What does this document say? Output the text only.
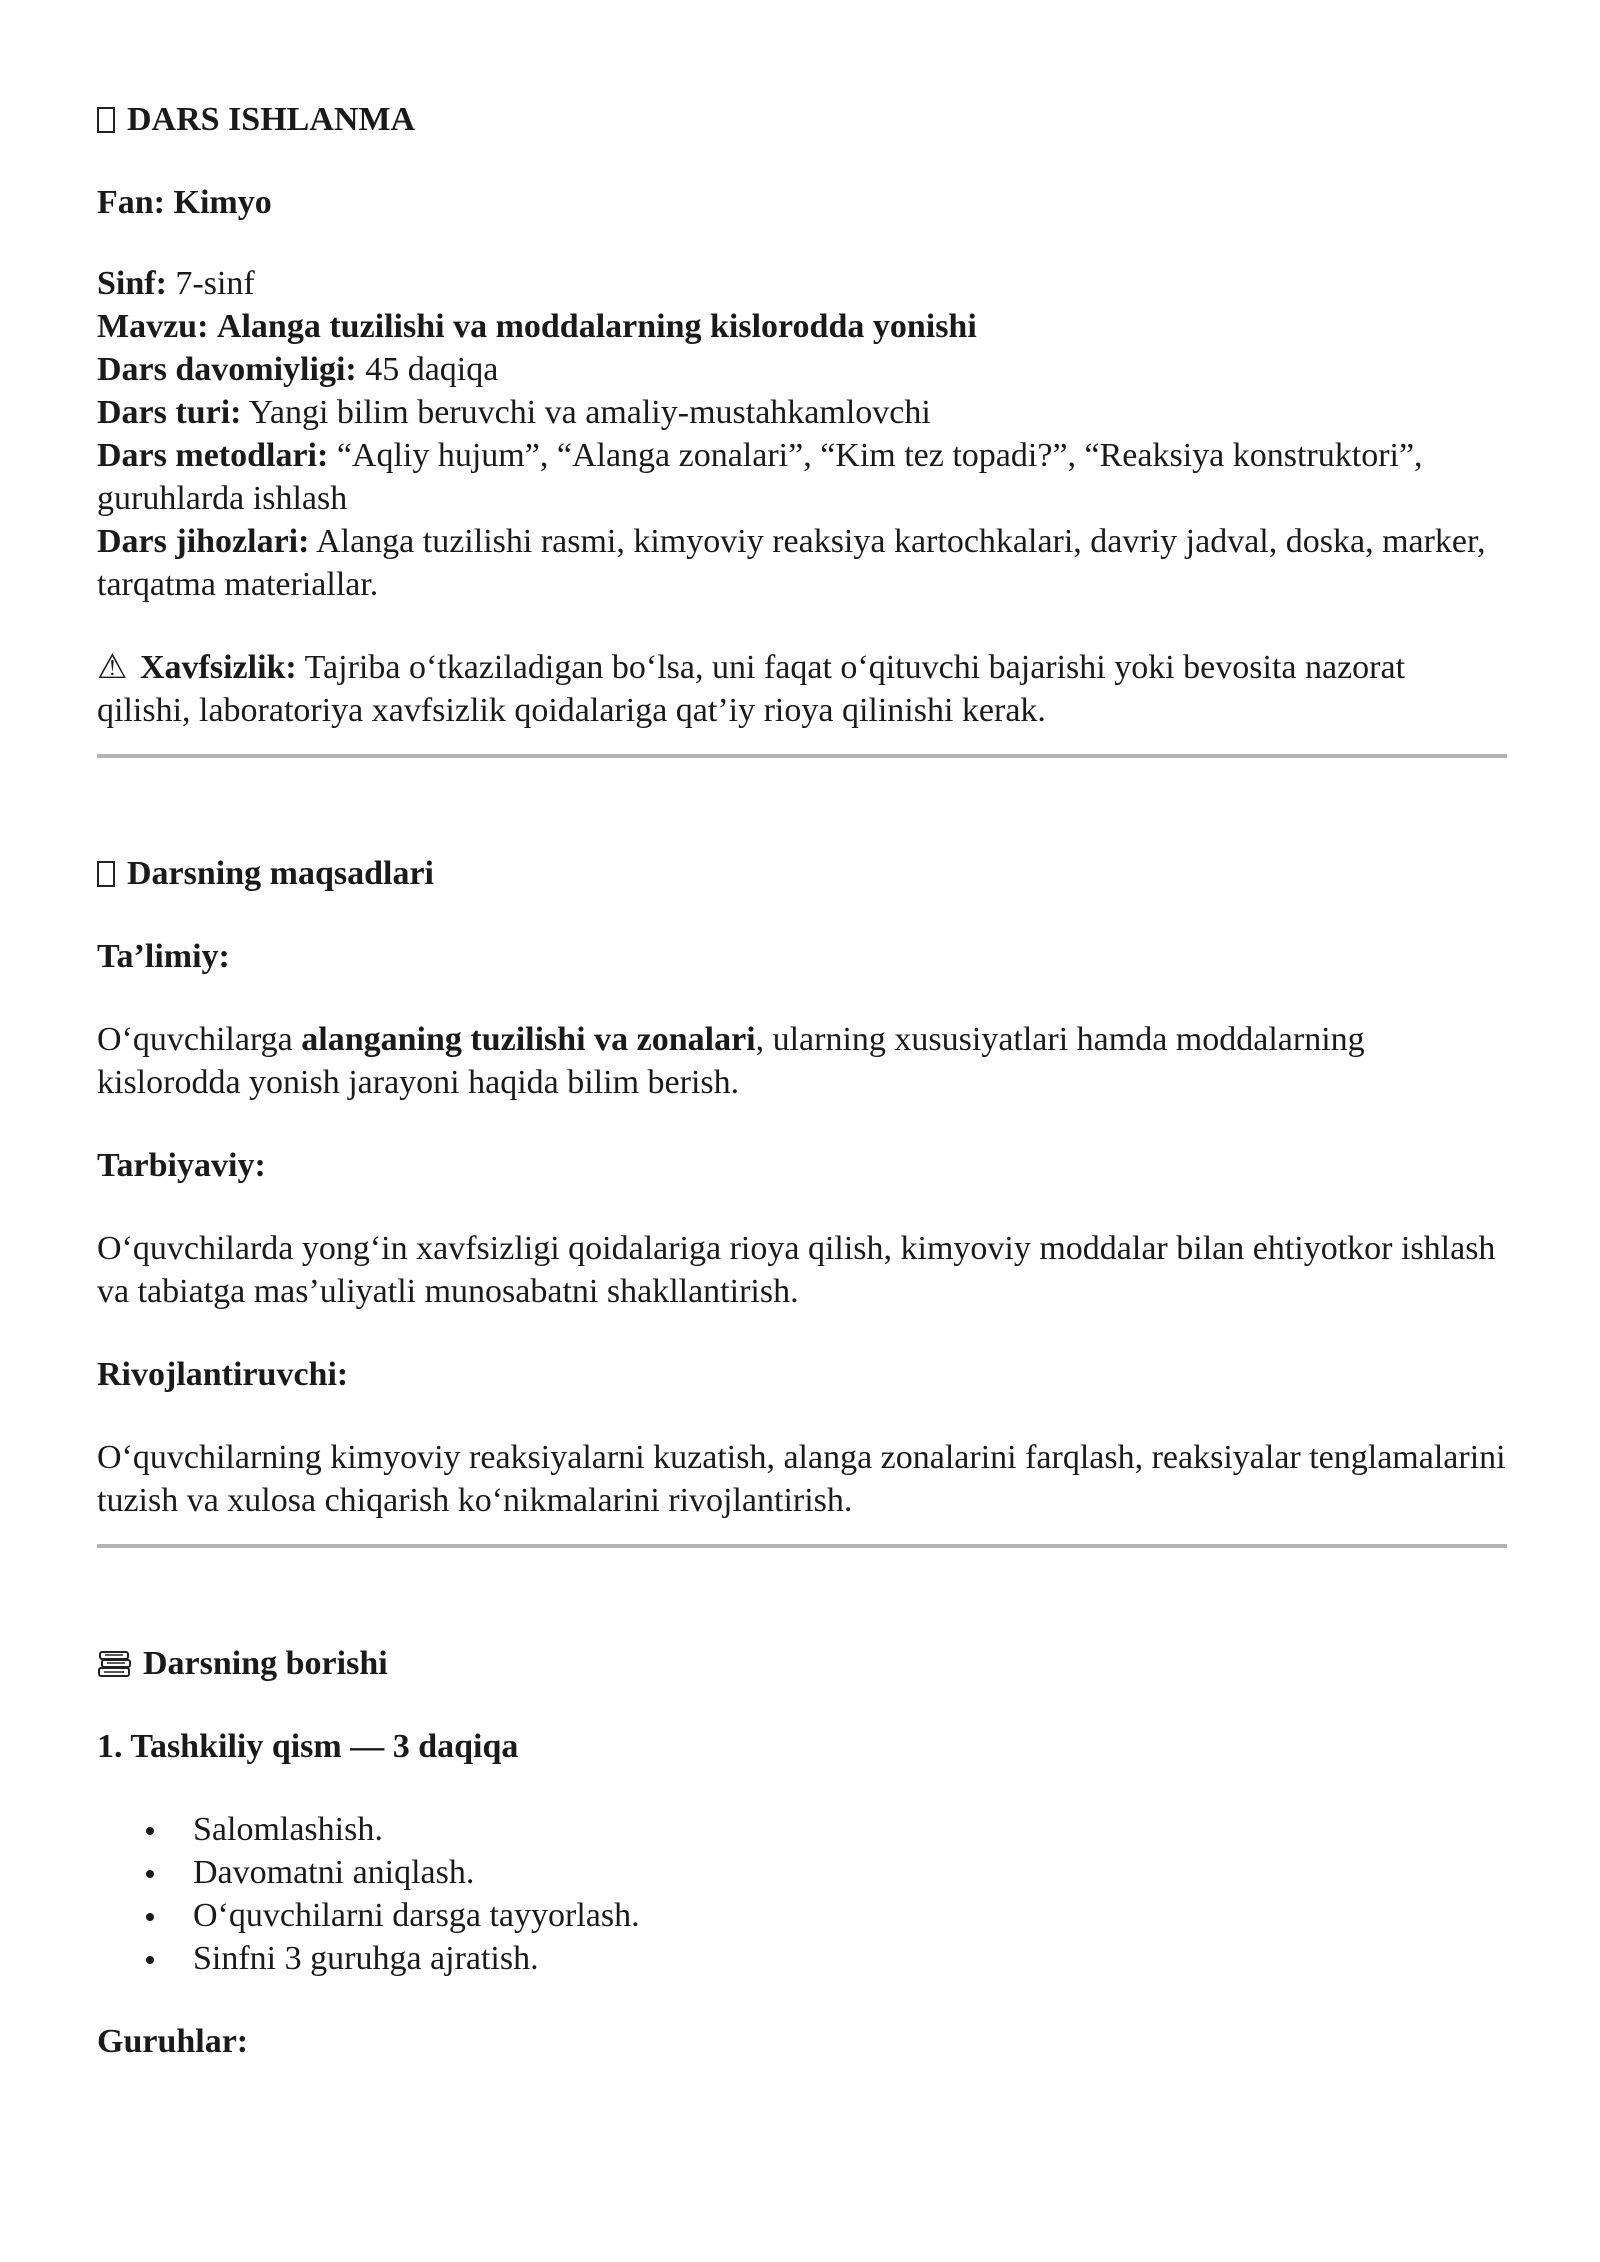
DARS ISHLANMA

Fan: Kimyo

Sinf: 7-sinf

Mavzu: Alanga tuzilishi va moddalarning kislorodda yonishi

Dars davomiyligi: 45 daqiqa

Dars turi: Yangi bilim beruvchi va amaliy-mustahkamlovchi

Dars metodlari: “Aqliy hujum”, “Alanga zonalari”, “Kim tez topadi?”, “Reaksiya konstruktori”, guruhlarda ishlash

Dars jihozlari: Alanga tuzilishi rasmi, kimyoviy reaksiya kartochkalari, davriy jadval, doska, marker, tarqatma materiallar.

⚠ Xavfsizlik: Tajriba o‘tkaziladigan bo‘lsa, uni faqat o‘qituvchi bajarishi yoki bevosita nazorat qilishi, laboratoriya xavfsizlik qoidalariga qat’iy rioya qilinishi kerak.

Darsning maqsadlari
Ta’limiy:

O‘quvchilarga alanganing tuzilishi va zonalari, ularning xususiyatlari hamda moddalarning kislorodda yonish jarayoni haqida bilim berish.

Tarbiyaviy:

O‘quvchilarda yong‘in xavfsizligi qoidalariga rioya qilish, kimyoviy moddalar bilan ehtiyotkor ishlash va tabiatga mas’uliyatli munosabatni shakllantirish.

Rivojlantiruvchi:

O‘quvchilarning kimyoviy reaksiyalarni kuzatish, alanga zonalarini farqlash, reaksiyalar tenglamalarini tuzish va xulosa chiqarish ko‘nikmalarini rivojlantirish.

Darsning borishi
1. Tashkiliy qism — 3 daqiqa
Salomlashish.
Davomatni aniqlash.
O‘quvchilarni darsga tayyorlash.
Sinfni 3 guruhga ajratish.
Guruhlar:
